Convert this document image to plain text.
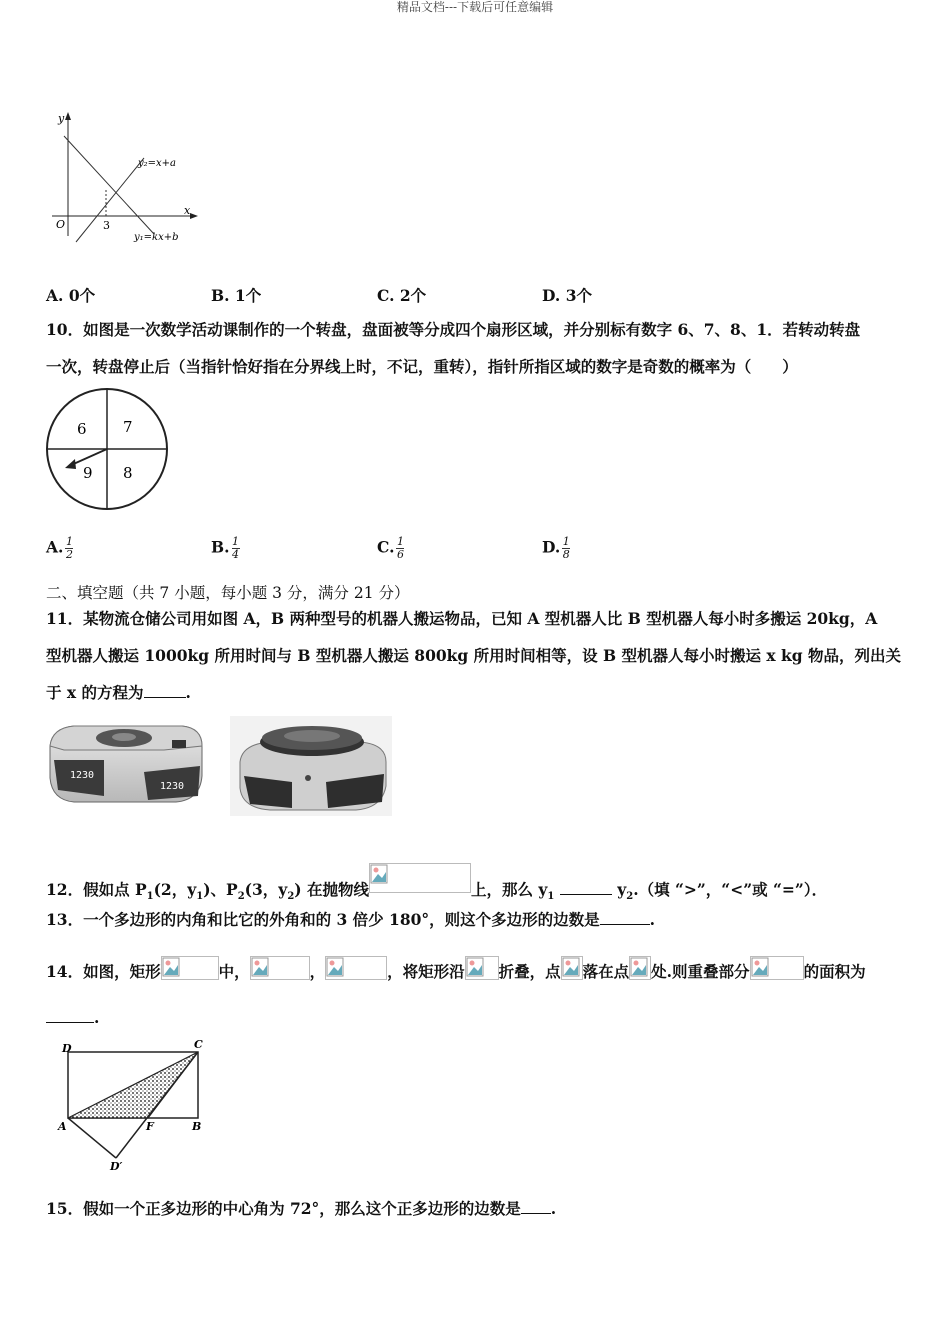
精品文档---下载后可任意编辑
y
x
O	3
y₂=x+a
y₁=kx+b
A. 0个	B. 1个	C. 2个	D. 3个
10．如图是一次数学活动课制作的一个转盘，盘面被等分成四个扇形区域，并分别标有数字 6、7、8、1．若转动转盘
一次，转盘停止后（当指针恰好指在分界线上时，不记，重转），指针所指区域的数字是奇数的概率为（　　）
6 7
9 8
A. $\frac{1}{2}$	B. $\frac{1}{4}$	C. $\frac{1}{6}$	D. $\frac{1}{8}$
二、填空题（共 7 小题，每小题 3 分，满分 21 分）
11．某物流仓储公司用如图 A，B 两种型号的机器人搬运物品，已知 A 型机器人比 B 型机器人每小时多搬运 20kg，A
型机器人搬运 1000kg 所用时间与 B 型机器人搬运 800kg 所用时间相等，设 B 型机器人每小时搬运 x kg 物品，列出关
于 x 的方程为	.
1230
1230
12．假如点 $P_1(2$，$y_1$)、$P_2(3$，$y_2$) 在抛物线	上，那么 $y_1$	$y_2$.（填 “>”，“<”或 “=”）．
13．一个多边形的内角和比它的外角和的 3 倍少 180°，则这个多边形的边数是	.
14．如图，矩形	中，	，	，将矩形沿 折叠，点 落在点 处.则重叠部分	的面积为
.
D	C
A	F	B
D′
15．假如一个正多边形的中心角为 72°，那么这个正多边形的边数是 .
